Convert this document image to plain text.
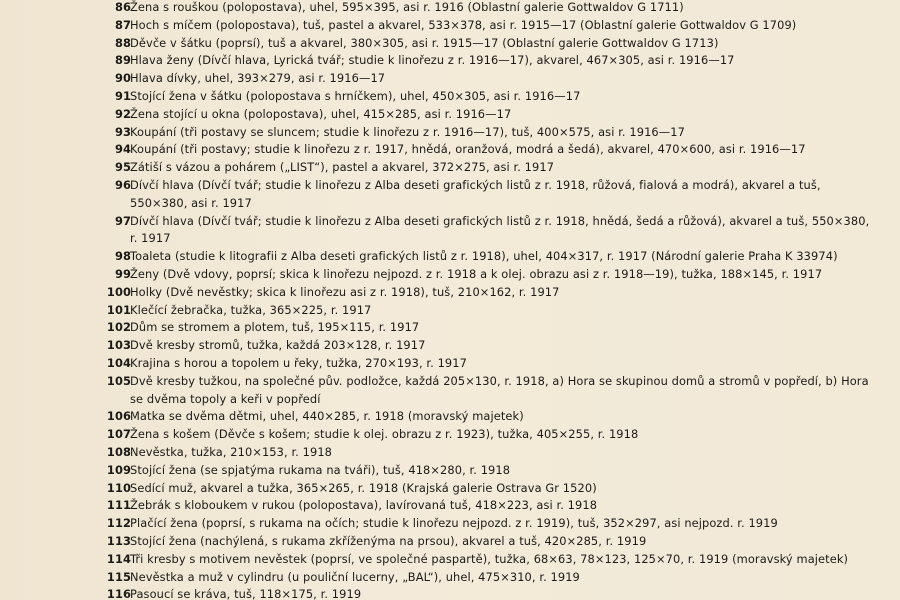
86 Žena s rouškou (polopostava), uhel, 595×395, asi r. 1916 (Oblastní galerie Gottwaldov G 1711)
87 Hoch s míčem (polopostava), tuš, pastel a akvarel, 533×378, asi r. 1915—17 (Oblastní galerie Gottwaldov G 1709)
88 Děvče v šátku (poprsí), tuš a akvarel, 380×305, asi r. 1915—17 (Oblastní galerie Gottwaldov G 1713)
89 Hlava ženy (Dívčí hlava, Lyrická tvář; studie k linořezu z r. 1916—17), akvarel, 467×305, asi r. 1916—17
90 Hlava dívky, uhel, 393×279, asi r. 1916—17
91 Stojící žena v šátku (polopostava s hrníčkem), uhel, 450×305, asi r. 1916—17
92 Žena stojící u okna (polopostava), uhel, 415×285, asi r. 1916—17
93 Koupání (tři postavy se sluncem; studie k linořezu z r. 1916—17), tuš, 400×575, asi r. 1916—17
94 Koupání (tři postavy; studie k linořezu z r. 1917, hnědá, oranžová, modrá a šedá), akvarel, 470×600, asi r. 1916—17
95 Zátiší s vázou a pohárem („LIST“), pastel a akvarel, 372×275, asi r. 1917
96 Dívčí hlava (Dívčí tvář; studie k linořezu z Alba deseti grafických listů z r. 1918, růžová, fialová a modrá), akvarel a tuš, 550×380, asi r. 1917
97 Dívčí hlava (Dívčí tvář; studie k linořezu z Alba deseti grafických listů z r. 1918, hnědá, šedá a růžová), akvarel a tuš, 550×380, r. 1917
98 Toaleta (studie k litografii z Alba deseti grafických listů z r. 1918), uhel, 404×317, r. 1917 (Národní galerie Praha K 33974)
99 Ženy (Dvě vdovy, poprsí; skica k linořezu nejpozd. z r. 1918 a k olej. obrazu asi z r. 1918—19), tužka, 188×145, r. 1917
100 Holky (Dvě nevěstky; skica k linořezu asi z r. 1918), tuš, 210×162, r. 1917
101 Klečící žebračka, tužka, 365×225, r. 1917
102 Dům se stromem a plotem, tuš, 195×115, r. 1917
103 Dvě kresby stromů, tužka, každá 203×128, r. 1917
104 Krajina s horou a topolem u řeky, tužka, 270×193, r. 1917
105 Dvě kresby tužkou, na společné pův. podložce, každá 205×130, r. 1918, a) Hora se skupinou domů a stromů v popředí, b) Hora se dvěma topoly a keři v popředí
106 Matka se dvěma dětmi, uhel, 440×285, r. 1918 (moravský majetek)
107 Žena s košem (Děvče s košem; studie k olej. obrazu z r. 1923), tužka, 405×255, r. 1918
108 Nevěstka, tužka, 210×153, r. 1918
109 Stojící žena (se spjatýma rukama na tváři), tuš, 418×280, r. 1918
110 Sedící muž, akvarel a tužka, 365×265, r. 1918 (Krajská galerie Ostrava Gr 1520)
111 Žebrák s kloboukem v rukou (polopostava), lavírovaná tuš, 418×223, asi r. 1918
112 Plačící žena (poprsí, s rukama na očích; studie k linořezu nejpozd. z r. 1919), tuš, 352×297, asi nejpozd. r. 1919
113 Stojící žena (nachýlená, s rukama zkříženýma na prsou), akvarel a tuš, 420×285, r. 1919
114 Tři kresby s motivem nevěstek (poprsí, ve společné paspartě), tužka, 68×63, 78×123, 125×70, r. 1919 (moravský majetek)
115 Nevěstka a muž v cylindru (u pouliční lucerny, „BAL“), uhel, 475×310, r. 1919
116 Pasoucí se kráva, tuš, 118×175, r. 1919
